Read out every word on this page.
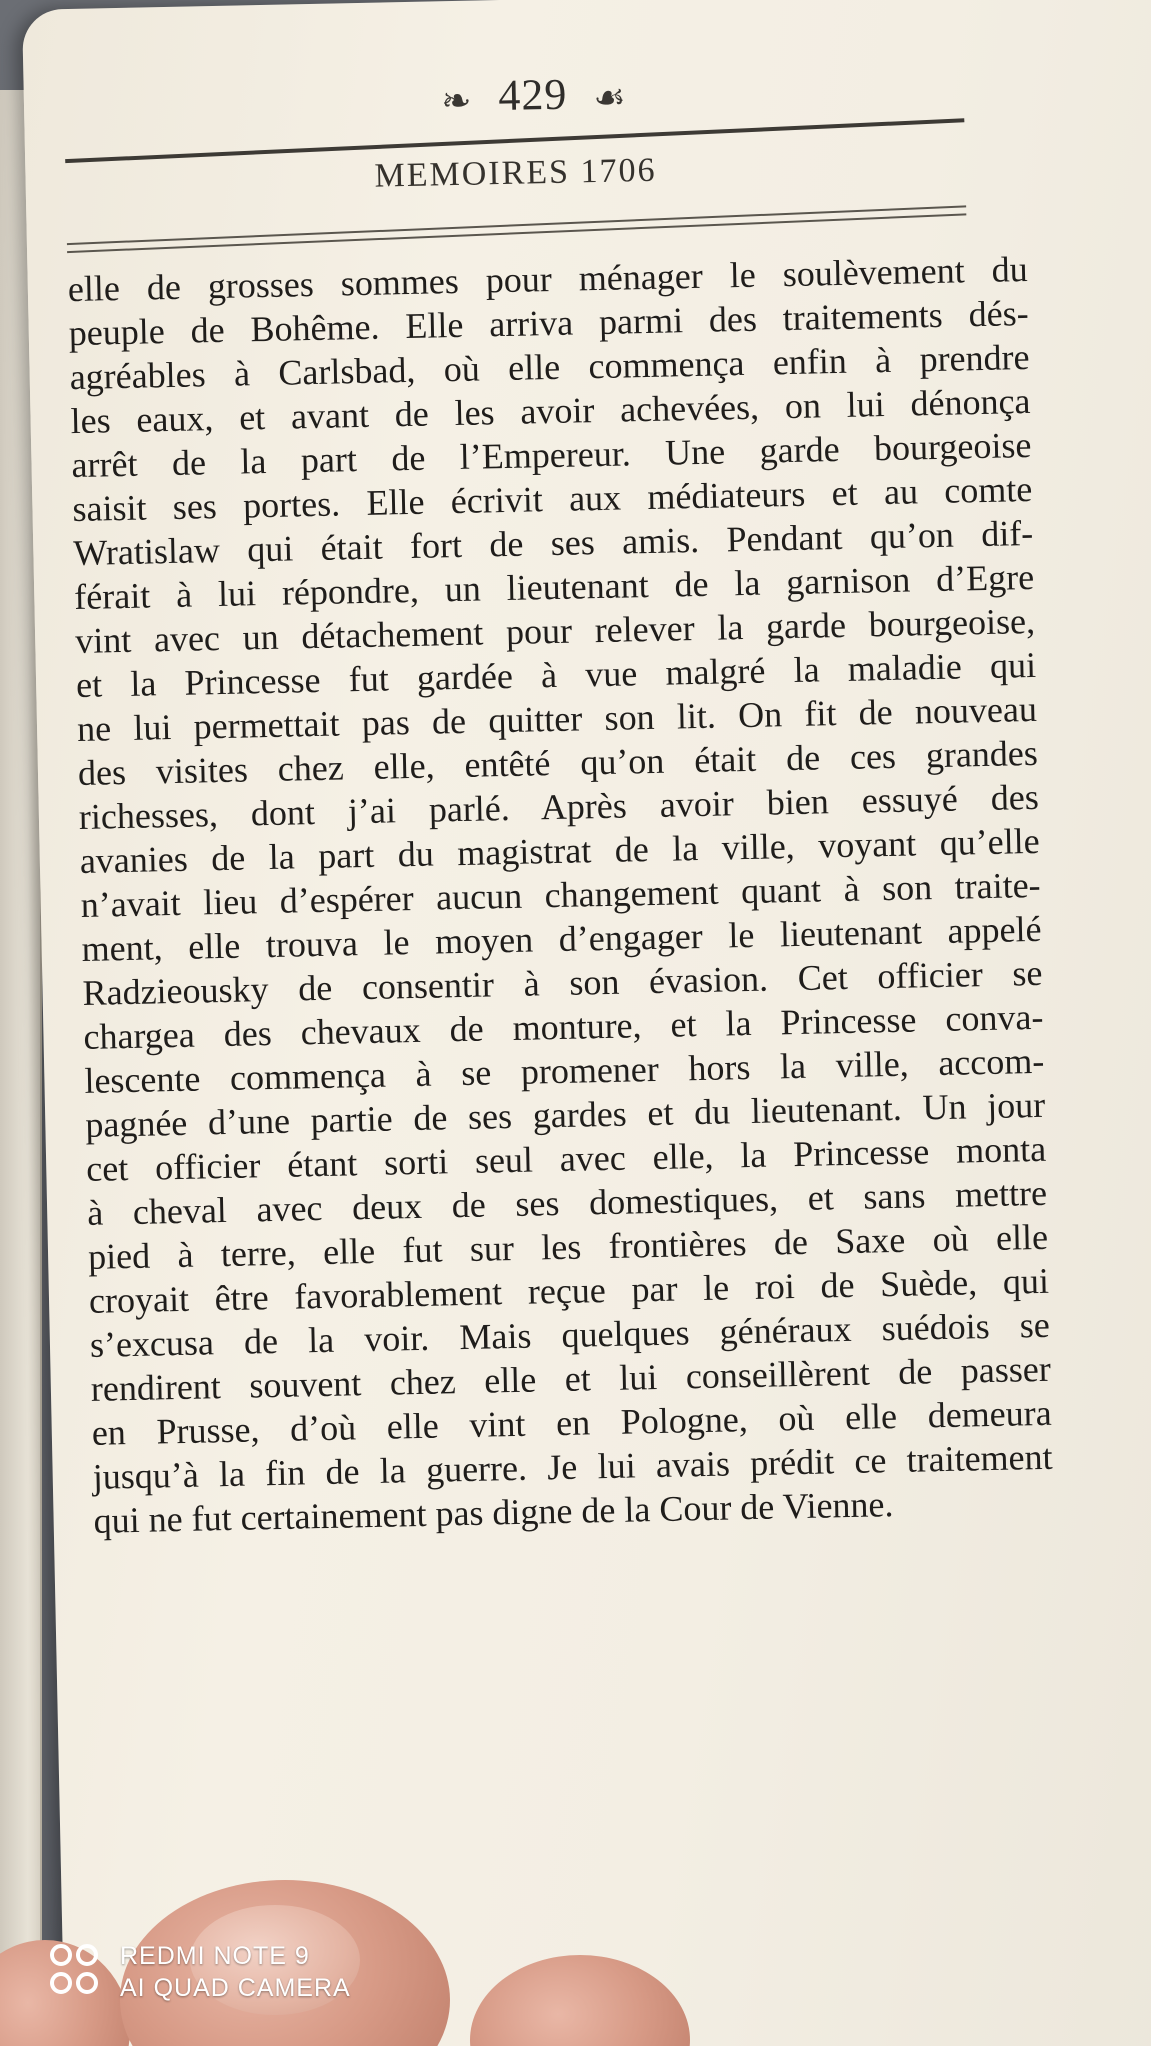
❧ 429 ☙
MEMOIRES 1706
elle de grosses sommes pour ménager le soulèvement du
peuple de Bohême. Elle arriva parmi des traitements dés-
agréables à Carlsbad, où elle commença enfin à prendre
les eaux, et avant de les avoir achevées, on lui dénonça
arrêt de la part de l’Empereur. Une garde bourgeoise
saisit ses portes. Elle écrivit aux médiateurs et au comte
Wratislaw qui était fort de ses amis. Pendant qu’on dif-
férait à lui répondre, un lieutenant de la garnison d’Egre
vint avec un détachement pour relever la garde bourgeoise,
et la Princesse fut gardée à vue malgré la maladie qui
ne lui permettait pas de quitter son lit. On fit de nouveau
des visites chez elle, entêté qu’on était de ces grandes
richesses, dont j’ai parlé. Après avoir bien essuyé des
avanies de la part du magistrat de la ville, voyant qu’elle
n’avait lieu d’espérer aucun changement quant à son traite-
ment, elle trouva le moyen d’engager le lieutenant appelé
Radzieousky de consentir à son évasion. Cet officier se
chargea des chevaux de monture, et la Princesse conva-
lescente commença à se promener hors la ville, accom-
pagnée d’une partie de ses gardes et du lieutenant. Un jour
cet officier étant sorti seul avec elle, la Princesse monta
à cheval avec deux de ses domestiques, et sans mettre
pied à terre, elle fut sur les frontières de Saxe où elle
croyait être favorablement reçue par le roi de Suède, qui
s’excusa de la voir. Mais quelques généraux suédois se
rendirent souvent chez elle et lui conseillèrent de passer
en Prusse, d’où elle vint en Pologne, où elle demeura
jusqu’à la fin de la guerre. Je lui avais prédit ce traitement
qui ne fut certainement pas digne de la Cour de Vienne.
REDMI NOTE 9
AI QUAD CAMERA
